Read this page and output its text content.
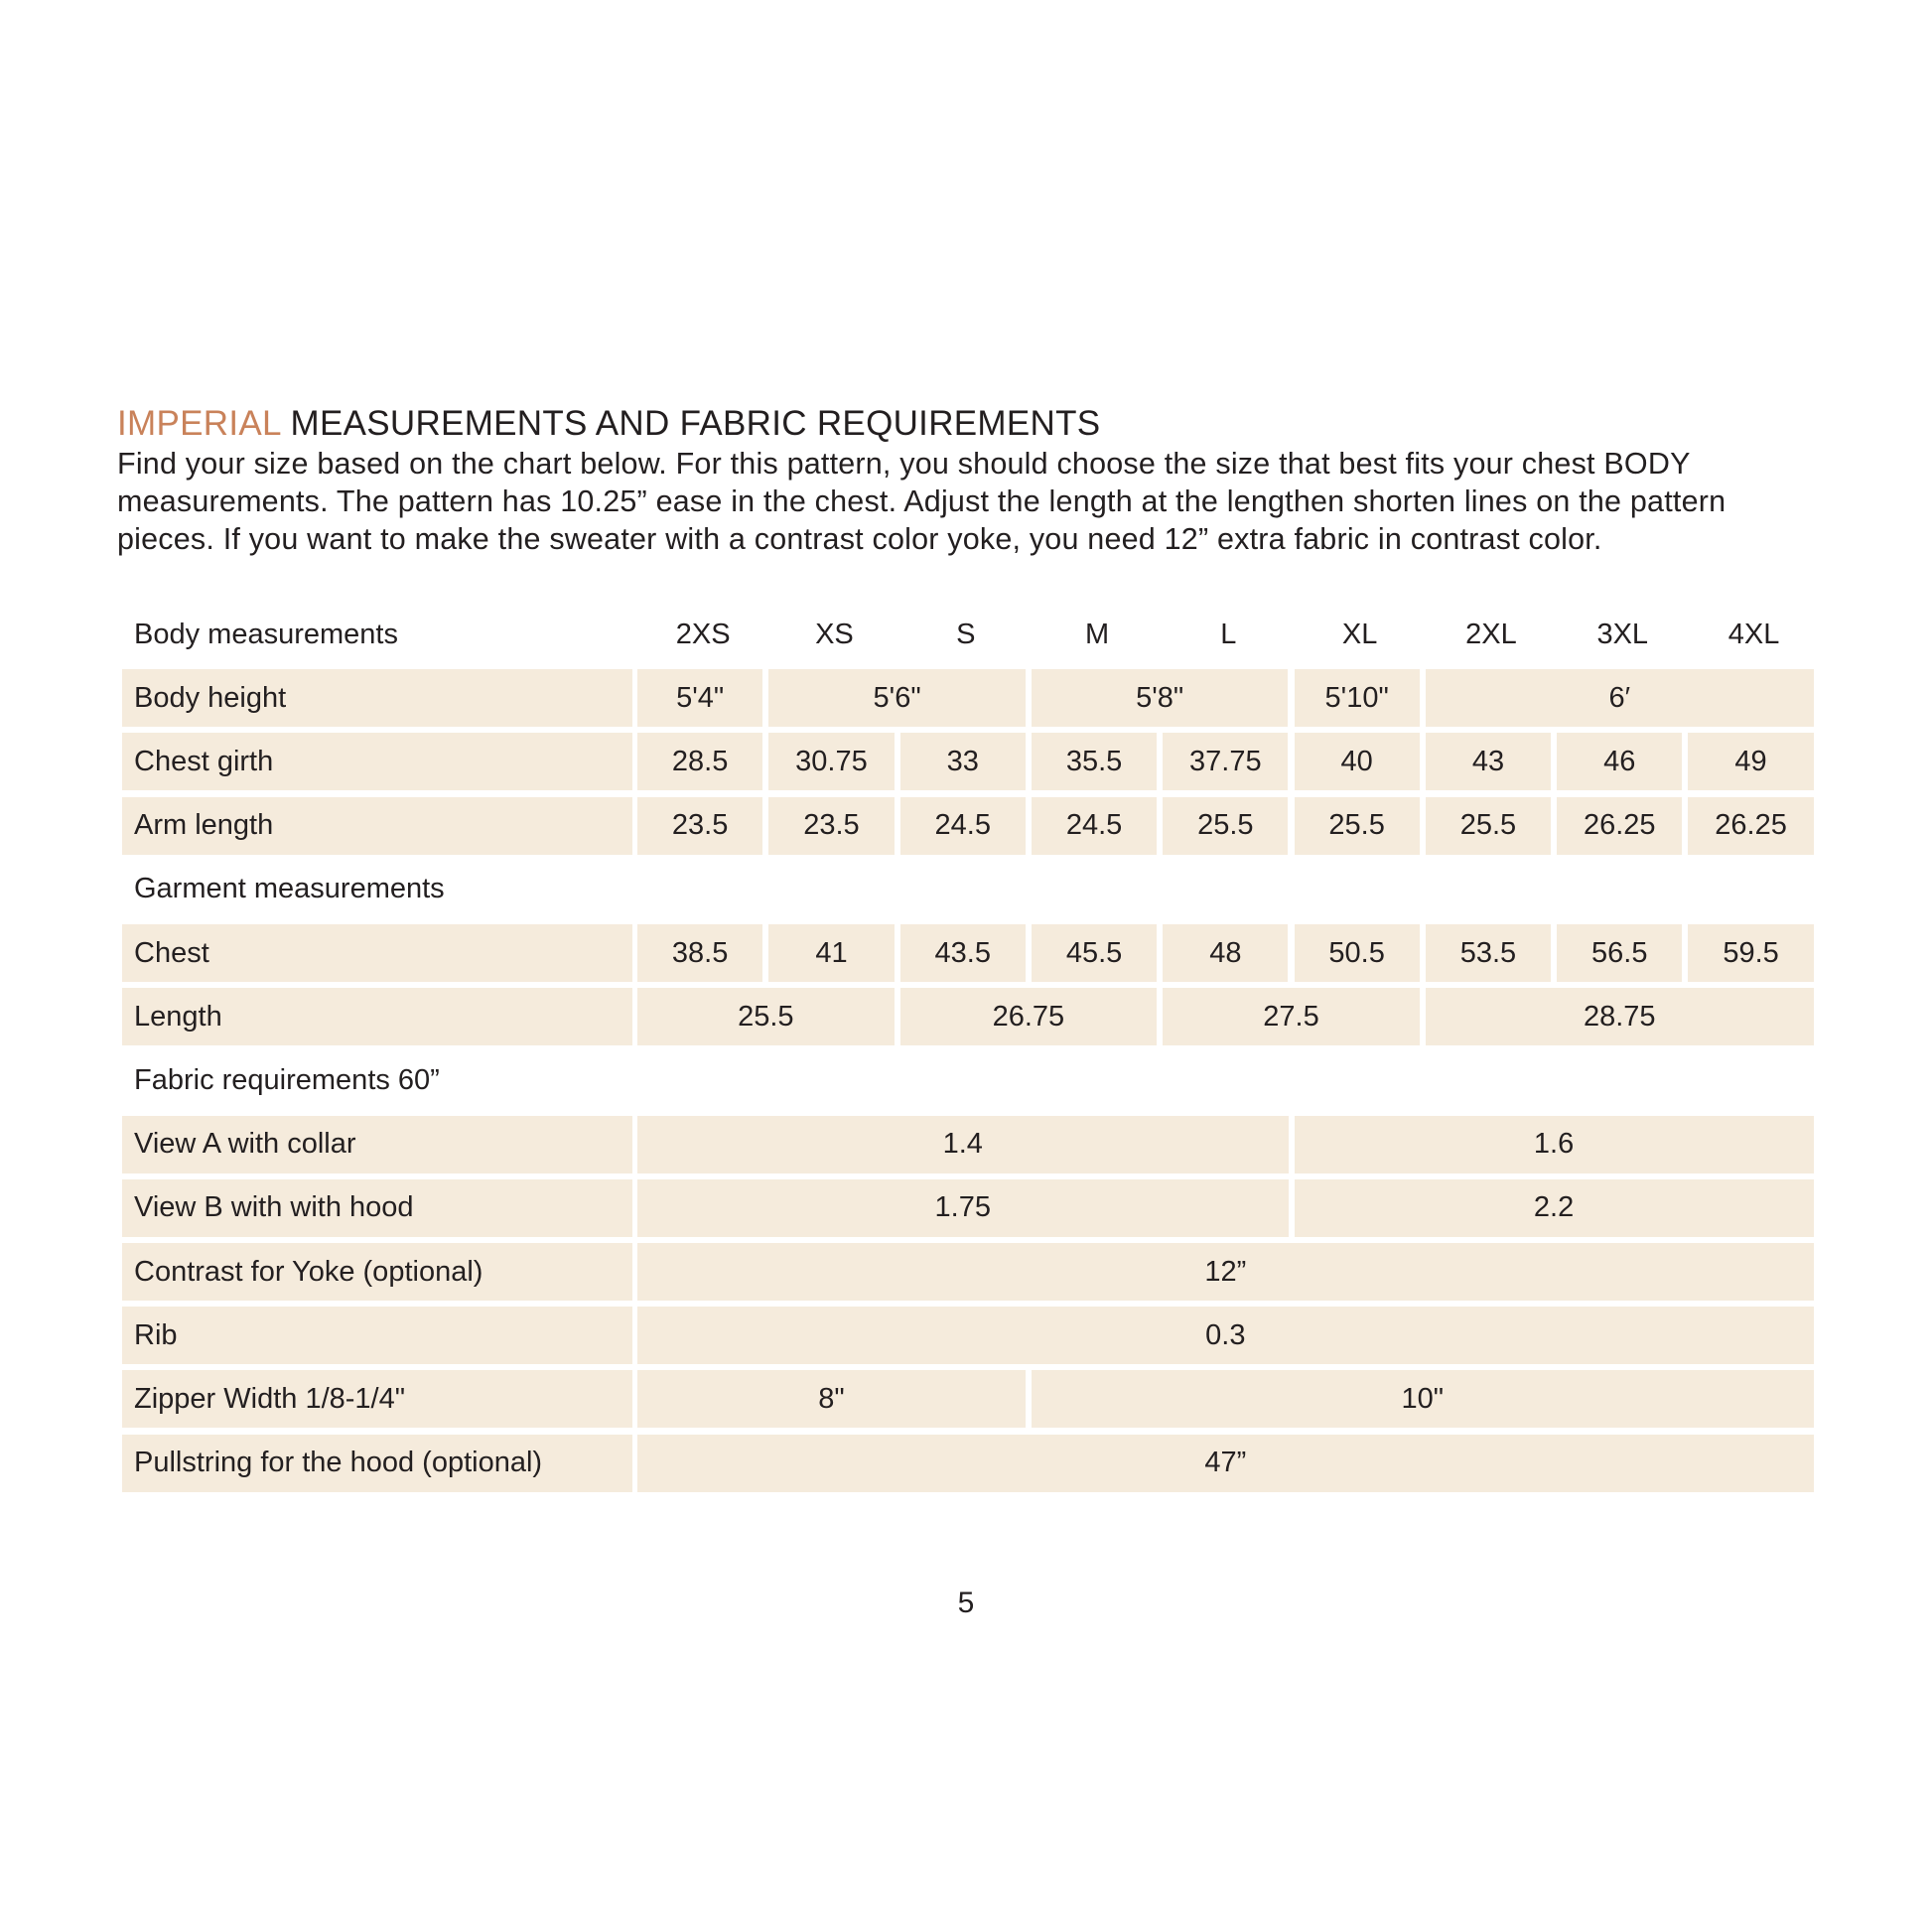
IMPERIAL MEASUREMENTS AND FABRIC REQUIREMENTS

Find your size based on the chart below. For this pattern, you should choose the size that best fits your chest BODY

measurements. The pattern has 10.25” ease in the chest. Adjust the length at the lengthen shorten lines on the pattern

pieces. If you want to make the sweater with a contrast color yoke, you need 12” extra fabric in contrast color.

Body measurements	2XS	XS	S	M	L	XL	2XL	3XL	4XL
Body height	5'4"	5'6"	5'8"	5'10"	6′
Chest girth	28.5	30.75	33	35.5	37.75	40	43	46	49
Arm length	23.5	23.5	24.5	24.5	25.5	25.5	25.5	26.25	26.25
Garment measurements
Chest	38.5	41	43.5	45.5	48	50.5	53.5	56.5	59.5
Length	25.5	26.75	27.5	28.75
Fabric requirements 60”
View A with collar	1.4	1.6
View B with with hood	1.75	2.2
Contrast for Yoke (optional)	12”
Rib	0.3
Zipper Width 1/8-1/4"	8"	10"
Pullstring for the hood (optional)	47”
5
